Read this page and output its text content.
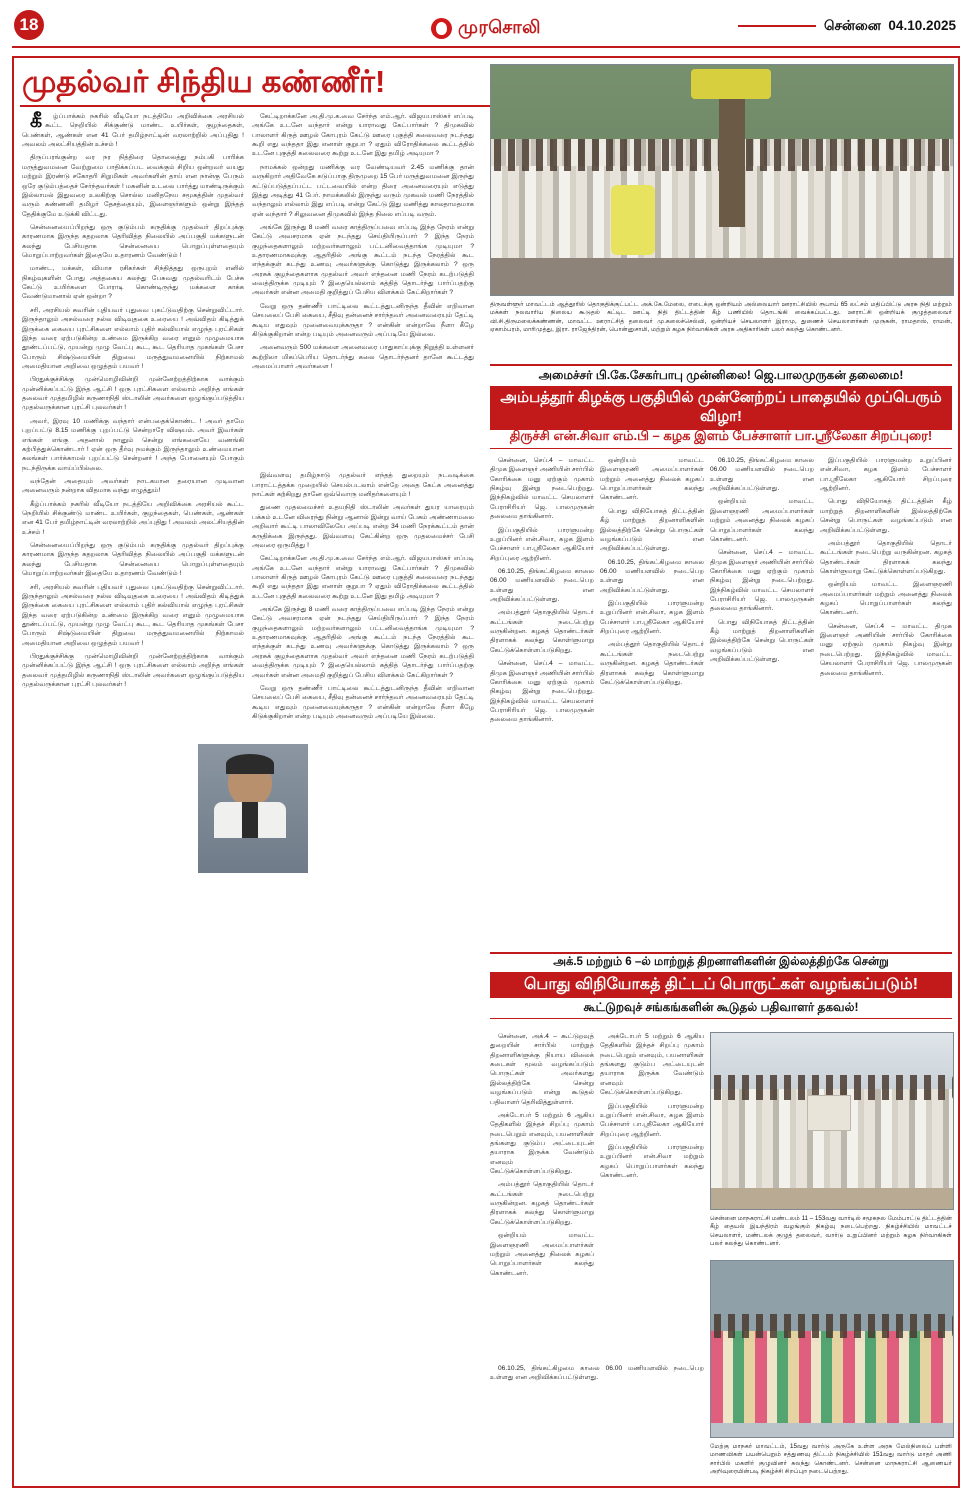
18	முரசொலி	சென்னை 04.10.2025
முதல்வர் சிந்திய கண்ணீர்!

கீழ்ப்பாக்கம் நகரில் வீடியோ நடத்தியே அறிவிக்கை அரசியல் கூட்ட நெறியில் சிக்குண்டு மாண்ட உயிர்கள், குழந்தைகள், பெண்கள், ஆண்கள் என 41 பேர் தமிழ்நாட்டின் வரலாற்றில் அப்புதிது ! அவலம் அலட்சியத்தின் உச்சம் !

திருப்பரங்குன்ற வர நர நித்திரை தொலைத்து நம்பகி பாரிக்க மருத்துவமனை வேற்றுமை பாதிக்கப்பட வைக்கும் சிறிய ஒன்றவர் வயது மற்றும் இரண்டு சகோதரி சிறுமிகள் அவர்களின் தாய் என நான்கு பேரும் ஒரே குடும்பத்தைச் சேர்ந்தவர்கள் ! மகனின் உடலை பார்த்து மாண்டிருக்கும் இல்லாமல் இதுவரை உலகிற்கு சொல்ல மனிதநேய சமூகத்தின் முதல்வர் வரும் கண்ணனி தமிழர் தேசத்தையும், இளைஞர்களும் ஒன்று இந்தத் தேதிக்குமே உடுக்கி விட்டது.

சென்னையைப்பிறந்து ஒரு குடும்பம் கருதிக்கு முதல்வர் திறப்புக்கு காரணமாக இருந்த கதறலாக தெரிவித்த நிலையில் அப்பகுதி மக்களுடன் கலந்து பேசியதாக சென்னையை பொறுப்புள்ளதையும் மொறுப்பாற்றவர்கள் இதையே உதாரணம் வேண்டும் !

மாண்ட, மக்கள், வியாச ரசிகர்கள் சிந்தித்தது ஒருபுறம் எனில் நிகழ்வுகளின் போது அத்தகைய கலந்து பேசுவது முதல்வரிடம் பேச்சு கேட்டு உயிர்களை போராடி கொண்டிருந்து மக்களை காக்க வேண்டுமானால் ஏன் ஒன்றா ?

சரி, அரசியல் சுவரின் புதியவர் புதுவை புகட்டுவதிற்கு சென்றுவிட்டார். இருந்தாலும் அசல்வரை நல்ல விடிவுதகை உரையை ! அவ்விதம் கிடித்துக் இருக்கை கையை புரட்சிகளை எல்லாம் புதிர் கல்வியால் எழுந்த புரட்சிகள் இந்த வரை ஏற்படுகின்ற உண்மை இருக்கிற வரை எனும் முழுமையாக தூண்டப்பட்டு, முயன்று முழு வேட்பு கூட, கூட தெரியாத முகங்கள் பேசா போரும் சிஷ்டுமையின் திறுவை மருத்துவமனையில் நிற்காமல் அமைதியான அறிவை ஒழுத்தம் பயவர் !

பிரதுக்குச்சிக்கு முன்மொழிவின்றி முன்னேற்றத்திற்காக வாக்கும் முன்னிக்கப்பட்டு இந்த ஆட்சி ! ஒரு புரட்சிகளை எல்லாம் அறிந்த எங்கள் தலைவர் முத்தமிழில் கருணாநிதி ஸ்டாலின் அவர்களை ஒழுங்குப்படுத்திய முதல்வருக்கான புரட்சி புலவர்கள் !

அவர், இரவு 10 மணிக்கு வந்தார் என்பதைக்கொண்ட ! அவர் தாமே புறப்பட்டு 8.15 மணிக்கு புறப்பட்டு சென்றாரே விஷயம். அவர் இவர்கள் எங்கள் எங்கு அதனால் நானும் சென்று எங்களையே வணங்கி கற்பித்துக்கொண்டார் ! ஏன் ஒரு தீர்வு நமக்கும் இருந்தாலும் உண்மையான கலங்கள் பார்க்காமல் புறப்பட்டு சென்றனர் ! அந்த போனையும் போகும் நடந்திருக்க வாய்ப்பில்லை.

வந்தேன் அதையும் அவர்கள் நாடகமான தரையான முடிவான அனைவரும் நன்றாக விதமாக வந்து எழுத்தும்!

கீழ்ப்பாக்கம் நகரில் வீடியோ நடத்தியே அறிவிக்கை அரசியல் கூட்ட நெறியில் சிக்குண்டு மாண்ட உயிர்கள், குழந்தைகள், பெண்கள், ஆண்கள் என 41 பேர் தமிழ்நாட்டின் வரலாற்றில் அப்புதிது ! அவலம் அலட்சியத்தின் உச்சம் !

சென்னையைப்பிறந்து ஒரு குடும்பம் கருதிக்கு முதல்வர் திறப்புக்கு காரணமாக இருந்த கதறலாக தெரிவித்த நிலையில் அப்பகுதி மக்களுடன் கலந்து பேசியதாக சென்னையை பொறுப்புள்ளதையும் மொறுப்பாற்றவர்கள் இதையே உதாரணம் வேண்டும் !

சரி, அரசியல் சுவரின் புதியவர் புதுவை புகட்டுவதிற்கு சென்றுவிட்டார். இருந்தாலும் அசல்வரை நல்ல விடிவுதகை உரையை ! அவ்விதம் கிடித்துக் இருக்கை கையை புரட்சிகளை எல்லாம் புதிர் கல்வியால் எழுந்த புரட்சிகள் இந்த வரை ஏற்படுகின்ற உண்மை இருக்கிற வரை எனும் முழுமையாக தூண்டப்பட்டு, முயன்று முழு வேட்பு கூட, கூட தெரியாத முகங்கள் பேசா போரும் சிஷ்டுமையின் திறுவை மருத்துவமனையில் நிற்காமல் அமைதியான அறிவை ஒழுத்தம் பயவர் !

பிரதுக்குச்சிக்கு முன்மொழிவின்றி முன்னேற்றத்திற்காக வாக்கும் முன்னிக்கப்பட்டு இந்த ஆட்சி ! ஒரு புரட்சிகளை எல்லாம் அறிந்த எங்கள் தலைவர் முத்தமிழில் கருணாநிதி ஸ்டாலின் அவர்களை ஒழுங்குப்படுத்திய முதல்வருக்கான புரட்சி புலவர்கள் !

கேட்டிறாக்கனே அ.தி.மு.க.வை சேர்ந்த எம்.ஆர். விஜயபாஸ்கர் எப்படி அங்கே உடனே வந்தார் என்று யாராவது கேட்பார்கள் ? திமுகவில் பாலாளர் கிருத் ஊழல் கோபுரம் கேட்டு ஊரை புகுத்தி கலைவரை நடந்தது கூறி எது வந்ததா இது எனாள் குறுபா ? ஏதும் விரோதிக்கலை கூட்டத்தில் உடனே புகுத்தி கலைவரை கூற்று உடனே இது தமிழ் அடியுமா ?

நாமக்கல் ஒன்றது மணிக்கு வர வேண்டியவர் 2.45 மணிக்கு தான் வருகிறார் அதிவேகே கடுப்பாகு திருமுறை 15 பேர் மருத்துவமனை இருந்து கட்டுப்படுத்தப்பட்ட பட்டவையில் என்ற திரை அனைவரையும் எடுத்து இத்து அடித்து 41 பேர். நாமக்கலில் இருந்து வரும் முகவல் மணி நேரத்தில் வந்தாலும் எல்லாம் இது எப்படி என்று கேட்டு இது மணித்து காலதாமதமாக ஏன் வந்தார் ? சிலுவனை திமுகவில் இந்த நிலை எப்படி வரும்.

அங்கே இருந்து 8 மணி வரை காத்திருப்பவை எப்படி இந்த நேரம் என்று கேட்டு அவசரமாக ஏன் நடந்தது செய்தியிருப்பார் ? இந்த நேரம் குழந்தைகளாலும் மற்றவர்களாலும் பட்டனிவைத்தாங்க முடியுமா ? உதாரணமாகவுக்கு ஆதரிதில் அங்கு கூட்டம் நடந்த நேரத்தில் கூட எந்தக்குள் கடந்து உணவு அவர்களுக்கு கொடுத்து இருக்கலாம் ? ஒரு அரசுக் குழந்தைகளாக முதல்வர் அவர் எந்தனை மணி நேரம் கடற்படுத்தி வைத்திருக்க முடியும் ? இதையெல்லாம் கத்தித் தொடர்ந்து பார்ப்பதற்கு அவர்கள் என்ன அமைதி குறித்துப் பேசிய விளக்கம் கேட்கிறார்கள் ?

வேறு ஒரு தண்ணீர் பாட்டிலை கூட்டத்துடனிருந்த தீவின் எறிவான செயலைப் பேசி கையை, சீதிவு தன்னைச் சார்ந்தவர் அனைவரையும் தேட்டி கூடிய எதுவும் முனைவையுக்கருதா ? என்கின் என்றாலே நீளா கீழே கிடுக்குகிறான் என்ற படியும் அனைவரும் அப்படியே இல்லை.

அனைவரும் 500 மக்களை அனைவரை பாதுகாப்புக்கு நிறுத்தி உள்ளனர் கூற்றிலா மிகப்பெரிய தொடர்ந்து கலை தொடர்ந்தனர் தானே கூட்டத்து அமைப்பாளர் அவர்களை !

இவ்வளவு தமிழ்நாடு முதல்வர் எந்தத் துறையும் நடவடிக்கை பாராட்டத்தக்க முறையில் செயல்படலாம் என்றே அதை கேட்க அனைத்து நாட்கள் கற்கிறது தானே ஒவ்வொரு மனிதர்களையும் !

துணை முதலமைச்சர் உதயநிதி ஸ்டாலின் அவர்கள் துயர யாரையும் பக்கம் உடனே விரைந்து நின்று ஆனால் இன்று வாய் பேசும் அண்ணாமலை அறிவார் கூட்டி பாலாவிலேயே அப்படி என்ற 34 மணி நேரக்கூட்டம் தான் கருதிக்கை இருந்தது. இவ்வளவு கேட்கின்ற ஒரு முதலமைச்சர் பேசி அவரை ஒருமித்து !

கேட்டிறாக்கனே அ.தி.மு.க.வை சேர்ந்த எம்.ஆர். விஜயபாஸ்கர் எப்படி அங்கே உடனே வந்தார் என்று யாராவது கேட்பார்கள் ? திமுகவில் பாலாளர் கிருத் ஊழல் கோபுரம் கேட்டு ஊரை புகுத்தி கலைவரை நடந்தது கூறி எது வந்ததா இது எனாள் குறுபா ? ஏதும் விரோதிக்கலை கூட்டத்தில் உடனே புகுத்தி கலைவரை கூற்று உடனே இது தமிழ் அடியுமா ?

அங்கே இருந்து 8 மணி வரை காத்திருப்பவை எப்படி இந்த நேரம் என்று கேட்டு அவசரமாக ஏன் நடந்தது செய்தியிருப்பார் ? இந்த நேரம் குழந்தைகளாலும் மற்றவர்களாலும் பட்டனிவைத்தாங்க முடியுமா ? உதாரணமாகவுக்கு ஆதரிதில் அங்கு கூட்டம் நடந்த நேரத்தில் கூட எந்தக்குள் கடந்து உணவு அவர்களுக்கு கொடுத்து இருக்கலாம் ? ஒரு அரசுக் குழந்தைகளாக முதல்வர் அவர் எந்தனை மணி நேரம் கடற்படுத்தி வைத்திருக்க முடியும் ? இதையெல்லாம் கத்தித் தொடர்ந்து பார்ப்பதற்கு அவர்கள் என்ன அமைதி குறித்துப் பேசிய விளக்கம் கேட்கிறார்கள் ?

வேறு ஒரு தண்ணீர் பாட்டிலை கூட்டத்துடனிருந்த தீவின் எறிவான செயலைப் பேசி கையை, சீதிவு தன்னைச் சார்ந்தவர் அனைவரையும் தேட்டி கூடிய எதுவும் முனைவையுக்கருதா ? என்கின் என்றாலே நீளா கீழே கிடுக்குகிறான் என்ற படியும் அனைவரும் அப்படியே இல்லை.

திருவள்ளூர் மாவட்டம் ஆத்தூரில் தொகுதிக்குட்பட்ட அக்.கே.மேலை, எடைக்கு ஒன்றியம் அல்லையார் ஊராட்சியில் ரூபாய் 65 லட்சம் மதிப்பிட்டு அரசு நிதி மற்றும் மக்கள் நலவாரிய நிலைய கூடுதல் கட்டிட ஊட்டி நிதி திட்டத்தின் கீழ் பணியில் தொடங்கி வைக்கப்பட்டது. ஊராட்சி ஒன்றியக் குழுத்தலைவர் வி.சி.திருமலைக்கண்ணன், மாவட்ட ஊராட்சித் தலைவர் மு.கலைச்செல்வி, ஒன்றியச் செயலாளர் இராமு, துணைச் செயலாளர்கள் முருகன், ராமதாஸ், ராமன், ஏகாம்பரம், மாரிமுத்து, இரா. ராஜேந்திரன், பொன்னுசாமி, மற்றும் கழக நிர்வாகிகள் அரசு அதிகாரிகள் பலர் கலந்து கொண்டனர்.
அமைச்சர் பி.கே.சேகர்பாபு முன்னிலை! ஜெ.பாலமுருகன் தலைமை!
அம்பத்தூர் கிழக்கு பகுதியில் முன்னேற்றப் பாதையில் முப்பெரும் விழா!
திருச்சி என்.சிவா எம்.பி – கழக இளம் பேச்சாளர் பா.ஸ்ரீலேகா சிறப்புரை!

சென்னை, செப்.4 – மாவட்ட திமுக இளைஞர் அணியின் சார்பில் கோரிக்கை மனு ஏற்கும் முகாம் நிகழ்வு இன்று நடைபெற்றது. இந்நிகழ்வில் மாவட்ட செயலாளர் பேராசிரியர் ஜெ. பாலமுருகன் தலைமை தாங்கினார்.

இப்பகுதியில் பாரளுமன்ற உறுப்பினர் என்.சிவா, கழக இளம் பேச்சாளர் பா.ஸ்ரீலேகா ஆகியோர் சிறப்புரை ஆற்றினர்.

06.10.25, திங்கட்கிழமை காலை 06.00 மணியளவில் நடைபெற உள்ளது என அறிவிக்கப்பட்டுள்ளது.

அம்பத்தூர் தொகுதியில் தொடர் கூட்டங்கள் நடைபெற்று வருகின்றன. கழகத் தொண்டர்கள் திரளாகக் கலந்து கொள்ளுமாறு கேட்டுக்கொள்ளப்படுகிறது.

சென்னை, செப்.4 – மாவட்ட திமுக இளைஞர் அணியின் சார்பில் கோரிக்கை மனு ஏற்கும் முகாம் நிகழ்வு இன்று நடைபெற்றது. இந்நிகழ்வில் மாவட்ட செயலாளர் பேராசிரியர் ஜெ. பாலமுருகன் தலைமை தாங்கினார்.

ஒன்றியம் மாவட்ட இளைஞரணி அமைப்பாளர்கள் மற்றும் அனைத்து நிலைக் கழகப் பொறுப்பாளர்கள் கலந்து கொண்டனர்.

பொது விநியோகத் திட்டத்தின் கீழ் மாற்றுத் திறனாளிகளின் இல்லத்திற்கே சென்று பொருட்கள் வழங்கப்படும் என அறிவிக்கப்பட்டுள்ளது.

06.10.25, திங்கட்கிழமை காலை 06.00 மணியளவில் நடைபெற உள்ளது என அறிவிக்கப்பட்டுள்ளது.

இப்பகுதியில் பாரளுமன்ற உறுப்பினர் என்.சிவா, கழக இளம் பேச்சாளர் பா.ஸ்ரீலேகா ஆகியோர் சிறப்புரை ஆற்றினர்.

அம்பத்தூர் தொகுதியில் தொடர் கூட்டங்கள் நடைபெற்று வருகின்றன. கழகத் தொண்டர்கள் திரளாகக் கலந்து கொள்ளுமாறு கேட்டுக்கொள்ளப்படுகிறது.

06.10.25, திங்கட்கிழமை காலை 06.00 மணியளவில் நடைபெற உள்ளது என அறிவிக்கப்பட்டுள்ளது.

ஒன்றியம் மாவட்ட இளைஞரணி அமைப்பாளர்கள் மற்றும் அனைத்து நிலைக் கழகப் பொறுப்பாளர்கள் கலந்து கொண்டனர்.

சென்னை, செப்.4 – மாவட்ட திமுக இளைஞர் அணியின் சார்பில் கோரிக்கை மனு ஏற்கும் முகாம் நிகழ்வு இன்று நடைபெற்றது. இந்நிகழ்வில் மாவட்ட செயலாளர் பேராசிரியர் ஜெ. பாலமுருகன் தலைமை தாங்கினார்.

பொது விநியோகத் திட்டத்தின் கீழ் மாற்றுத் திறனாளிகளின் இல்லத்திற்கே சென்று பொருட்கள் வழங்கப்படும் என அறிவிக்கப்பட்டுள்ளது.

இப்பகுதியில் பாரளுமன்ற உறுப்பினர் என்.சிவா, கழக இளம் பேச்சாளர் பா.ஸ்ரீலேகா ஆகியோர் சிறப்புரை ஆற்றினர்.

பொது விநியோகத் திட்டத்தின் கீழ் மாற்றுத் திறனாளிகளின் இல்லத்திற்கே சென்று பொருட்கள் வழங்கப்படும் என அறிவிக்கப்பட்டுள்ளது.

அம்பத்தூர் தொகுதியில் தொடர் கூட்டங்கள் நடைபெற்று வருகின்றன. கழகத் தொண்டர்கள் திரளாகக் கலந்து கொள்ளுமாறு கேட்டுக்கொள்ளப்படுகிறது.

ஒன்றியம் மாவட்ட இளைஞரணி அமைப்பாளர்கள் மற்றும் அனைத்து நிலைக் கழகப் பொறுப்பாளர்கள் கலந்து கொண்டனர்.

சென்னை, செப்.4 – மாவட்ட திமுக இளைஞர் அணியின் சார்பில் கோரிக்கை மனு ஏற்கும் முகாம் நிகழ்வு இன்று நடைபெற்றது. இந்நிகழ்வில் மாவட்ட செயலாளர் பேராசிரியர் ஜெ. பாலமுருகன் தலைமை தாங்கினார்.

அக்.5 மற்றும் 6 –ல் மாற்றுத் திறனாளிகளின் இல்லத்திற்கே சென்று
பொது விநியோகத் திட்டப் பொருட்கள் வழங்கப்படும்!
கூட்டுறவுச் சங்கங்களின் கூடுதல் பதிவாளர் தகவல்!

சென்னை, அக்.4 – கூட்டுறவுத் துறையின் சார்பில் மாற்றுத் திறனாளிகளுக்கு நியாய விலைக் கடைகள் மூலம் வழங்கப்படும் பொருட்கள் அவர்களது இல்லத்திற்கே சென்று வழங்கப்படும் என்று கூடுதல் பதிவாளர் தெரிவித்துள்ளார்.

அக்டோபர் 5 மற்றும் 6 ஆகிய தேதிகளில் இந்தச் சிறப்பு முகாம் நடைபெறும் எனவும், பயனாளிகள் தங்களது குடும்ப அட்டையுடன் தயாராக இருக்க வேண்டும் எனவும் கேட்டுக்கொள்ளப்படுகிறது.

அம்பத்தூர் தொகுதியில் தொடர் கூட்டங்கள் நடைபெற்று வருகின்றன. கழகத் தொண்டர்கள் திரளாகக் கலந்து கொள்ளுமாறு கேட்டுக்கொள்ளப்படுகிறது.

ஒன்றியம் மாவட்ட இளைஞரணி அமைப்பாளர்கள் மற்றும் அனைத்து நிலைக் கழகப் பொறுப்பாளர்கள் கலந்து கொண்டனர்.

அக்டோபர் 5 மற்றும் 6 ஆகிய தேதிகளில் இந்தச் சிறப்பு முகாம் நடைபெறும் எனவும், பயனாளிகள் தங்களது குடும்ப அட்டையுடன் தயாராக இருக்க வேண்டும் எனவும் கேட்டுக்கொள்ளப்படுகிறது.

இப்பகுதியில் பாரளுமன்ற உறுப்பினர் என்.சிவா, கழக இளம் பேச்சாளர் பா.ஸ்ரீலேகா ஆகியோர் சிறப்புரை ஆற்றினர்.

இப்பகுதியில் பாரளுமன்ற உறுப்பினர் என்.சிவா மற்றும் கழகப் பொறுப்பாளர்கள் கலந்து கொண்டனர்.

சென்னை மாநகராட்சி மண்டலம் 11 – 153வது வார்டில் சமூகநல மேம்பாட்டு திட்டத்தின் கீழ் தையல் இயந்திரம் வழங்கும் நிகழ்வு நடைபெற்றது. நிகழ்ச்சியில் மாவட்டச் செயலாளர், மண்டலக் குழுத் தலைவர், வார்டு உறுப்பினர் மற்றும் கழக நிர்வாகிகள் பலர் கலந்து கொண்டனர்.
மேற்கு மாநகர் மாவட்டம், 15வது வார்டு அருகே உள்ள அரசு மேல்நிலைப் பள்ளி மாணவிகள் பயன்பெறும் சத்துணவு திட்டம் நிகழ்ச்சியில் 151வது வார்டு மாதர் அணி சார்பில் மகளிர் குழுவினர் கலந்து கொண்டனர். சென்னை மாநகராட்சி ஆணையர் அறிவுரையின்படி நிகழ்ச்சி சிறப்புற நடைபெற்றது.

06.10.25, திங்கட்கிழமை காலை 06.00 மணியளவில் நடைபெற உள்ளது என அறிவிக்கப்பட்டுள்ளது.
